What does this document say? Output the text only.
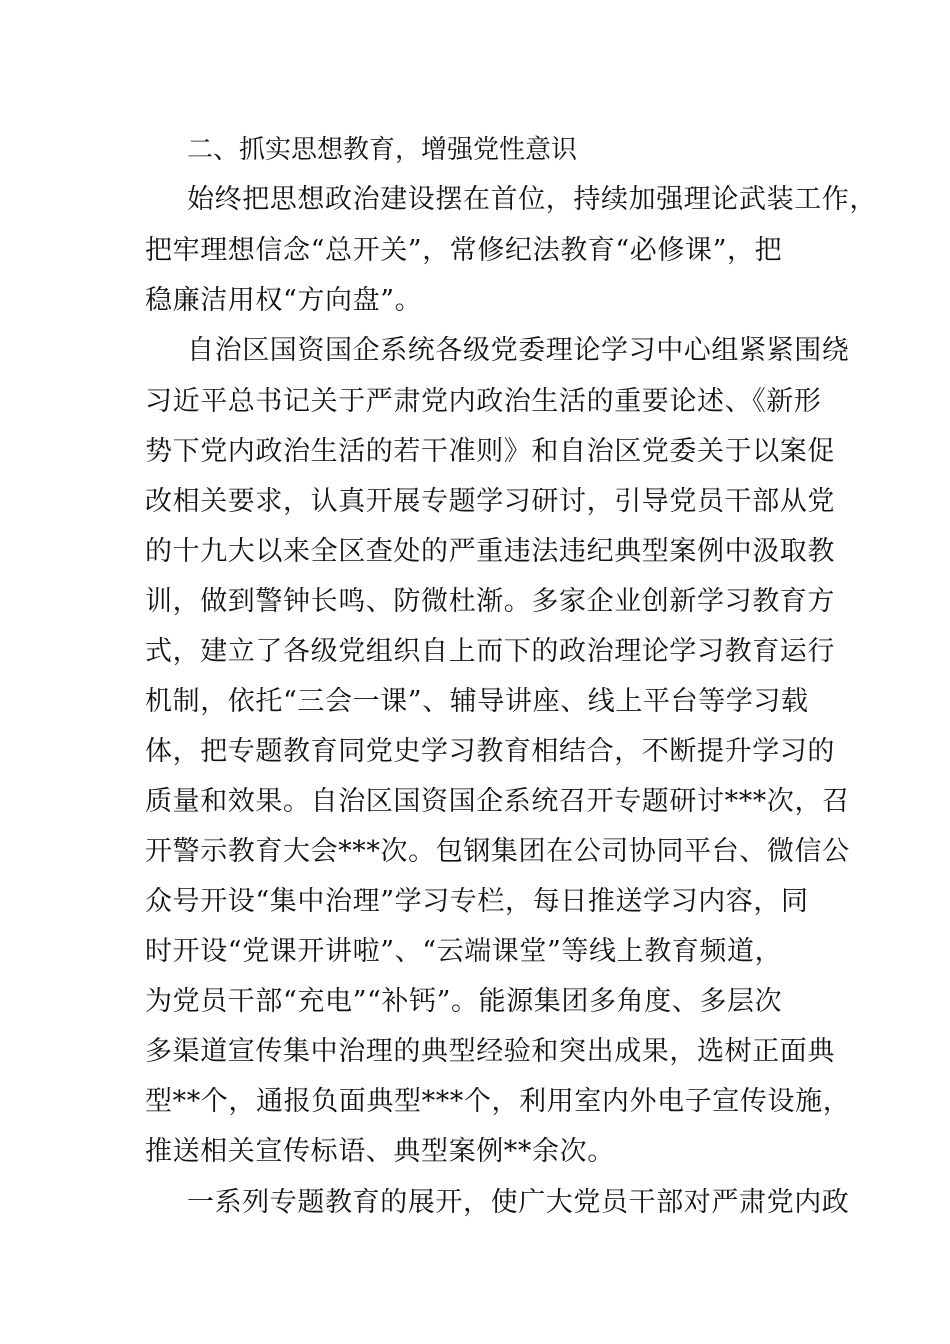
二、抓实思想教育，增强党性意识
始终把思想政治建设摆在首位，持续加强理论武装工作，
把牢理想信念“总开关”，常修纪法教育“必修课”，把
稳廉洁用权“方向盘”。
自治区国资国企系统各级党委理论学习中心组紧紧围绕
习近平总书记关于严肃党内政治生活的重要论述、《新形
势下党内政治生活的若干准则》和自治区党委关于以案促
改相关要求，认真开展专题学习研讨，引导党员干部从党
的十九大以来全区查处的严重违法违纪典型案例中汲取教
训，做到警钟长鸣、防微杜渐。多家企业创新学习教育方
式，建立了各级党组织自上而下的政治理论学习教育运行
机制，依托“三会一课”、辅导讲座、线上平台等学习载
体，把专题教育同党史学习教育相结合，不断提升学习的
质量和效果。自治区国资国企系统召开专题研讨***次，召
开警示教育大会***次。包钢集团在公司协同平台、微信公
众号开设“集中治理”学习专栏，每日推送学习内容，同
时开设“党课开讲啦”、“云端课堂”等线上教育频道，
为党员干部“充电”“补钙”。能源集团多角度、多层次
多渠道宣传集中治理的典型经验和突出成果，选树正面典
型**个，通报负面典型***个，利用室内外电子宣传设施，
推送相关宣传标语、典型案例**余次。
一系列专题教育的展开，使广大党员干部对严肃党内政
